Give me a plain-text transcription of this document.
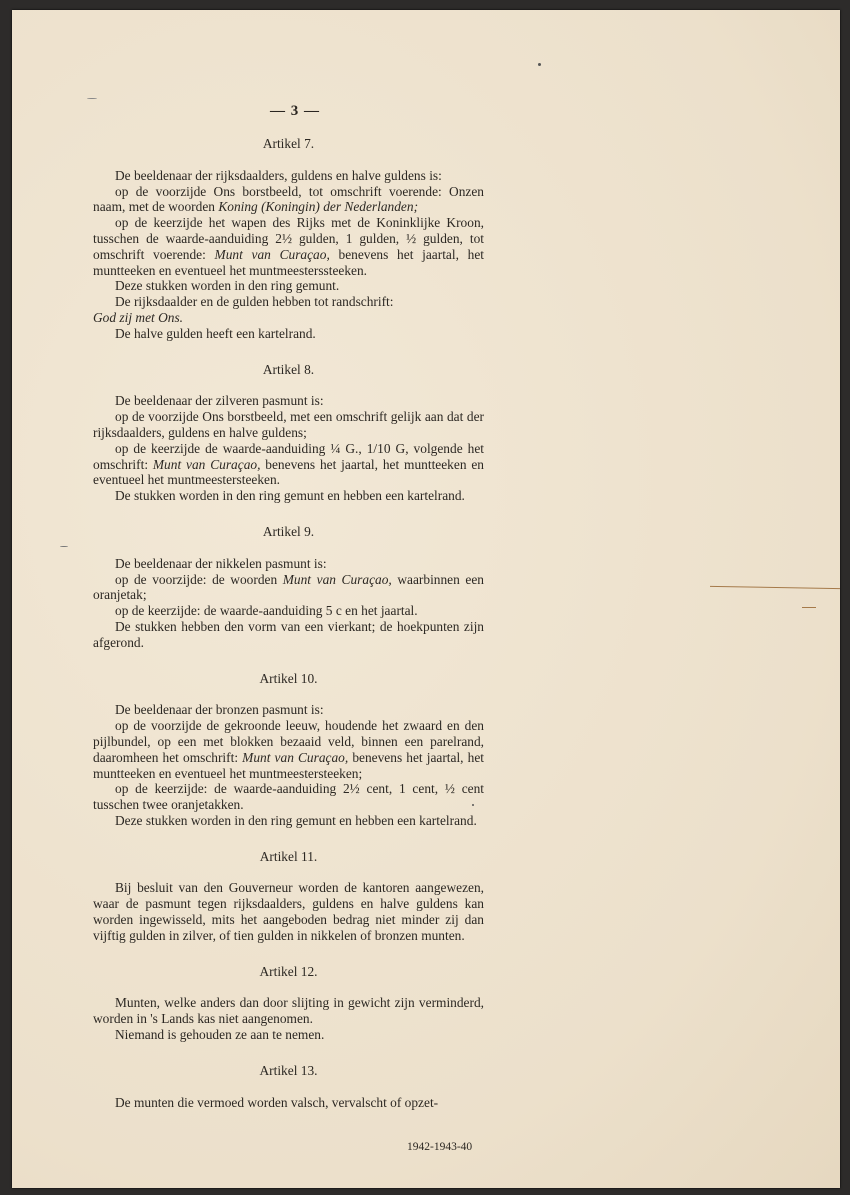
— 3 —
Artikel 7.

De beeldenaar der rijksdaalders, guldens en halve guldens is:

op de voorzijde Ons borstbeeld, tot omschrift voerende: Onzen naam, met de woorden Koning (Koningin) der Nederlanden;

op de keerzijde het wapen des Rijks met de Koninklijke Kroon, tusschen de waarde-aanduiding 2½ gulden, 1 gulden, ½ gulden, tot omschrift voerende: Munt van Curaçao, benevens het jaartal, het muntteeken en eventueel het muntmeesterssteeken.

Deze stukken worden in den ring gemunt.

De rijksdaalder en de gulden hebben tot randschrift:

God zij met Ons.

De halve gulden heeft een kartelrand.

Artikel 8.

De beeldenaar der zilveren pasmunt is:

op de voorzijde Ons borstbeeld, met een omschrift gelijk aan dat der rijksdaalders, guldens en halve guldens;

op de keerzijde de waarde-aanduiding ¼ G., 1/10 G, volgende het omschrift: Munt van Curaçao, benevens het jaartal, het muntteeken en eventueel het muntmeestersteeken.

De stukken worden in den ring gemunt en hebben een kartelrand.

Artikel 9.

De beeldenaar der nikkelen pasmunt is:

op de voorzijde: de woorden Munt van Curaçao, waarbinnen een oranjetak;

op de keerzijde: de waarde-aanduiding 5 c en het jaartal.

De stukken hebben den vorm van een vierkant; de hoekpunten zijn afgerond.

Artikel 10.

De beeldenaar der bronzen pasmunt is:

op de voorzijde de gekroonde leeuw, houdende het zwaard en den pijlbundel, op een met blokken bezaaid veld, binnen een parelrand, daaromheen het omschrift: Munt van Curaçao, benevens het jaartal, het muntteeken en eventueel het muntmeestersteeken;

op de keerzijde: de waarde-aanduiding 2½ cent, 1 cent, ½ cent tusschen twee oranjetakken.

Deze stukken worden in den ring gemunt en hebben een kartelrand.

Artikel 11.

Bij besluit van den Gouverneur worden de kantoren aangewezen, waar de pasmunt tegen rijksdaalders, guldens en halve guldens kan worden ingewisseld, mits het aangeboden bedrag niet minder zij dan vijftig gulden in zilver, of tien gulden in nikkelen of bronzen munten.

Artikel 12.

Munten, welke anders dan door slijting in gewicht zijn verminderd, worden in 's Lands kas niet aangenomen.

Niemand is gehouden ze aan te nemen.

Artikel 13.

De munten die vermoed worden valsch, vervalscht of opzet-

1942-1943-40
